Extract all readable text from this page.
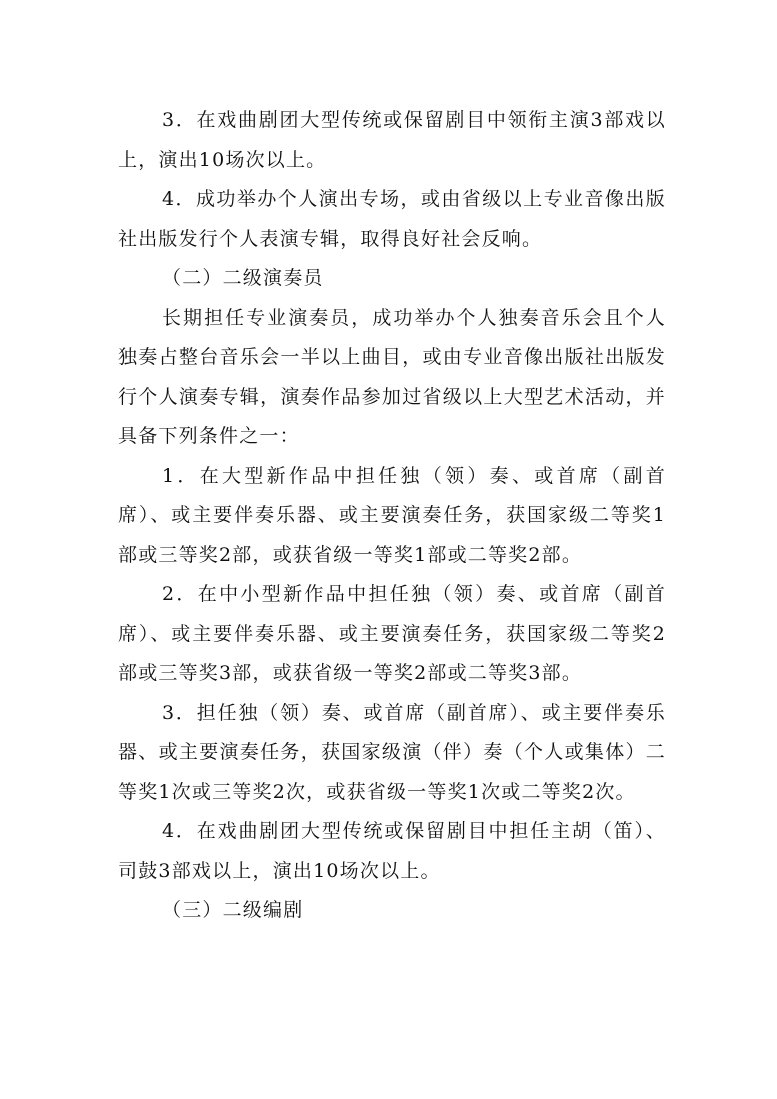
3．在戏曲剧团大型传统或保留剧目中领衔主演3部戏以上，演出10场次以上。

4．成功举办个人演出专场，或由省级以上专业音像出版社出版发行个人表演专辑，取得良好社会反响。

（二）二级演奏员

长期担任专业演奏员，成功举办个人独奏音乐会且个人独奏占整台音乐会一半以上曲目，或由专业音像出版社出版发行个人演奏专辑，演奏作品参加过省级以上大型艺术活动，并具备下列条件之一：

1．在大型新作品中担任独（领）奏、或首席（副首席）、或主要伴奏乐器、或主要演奏任务，获国家级二等奖1部或三等奖2部，或获省级一等奖1部或二等奖2部。

2．在中小型新作品中担任独（领）奏、或首席（副首席）、或主要伴奏乐器、或主要演奏任务，获国家级二等奖2部或三等奖3部，或获省级一等奖2部或二等奖3部。

3．担任独（领）奏、或首席（副首席）、或主要伴奏乐器、或主要演奏任务，获国家级演（伴）奏（个人或集体）二等奖1次或三等奖2次，或获省级一等奖1次或二等奖2次。

4．在戏曲剧团大型传统或保留剧目中担任主胡（笛）、司鼓3部戏以上，演出10场次以上。

（三）二级编剧
